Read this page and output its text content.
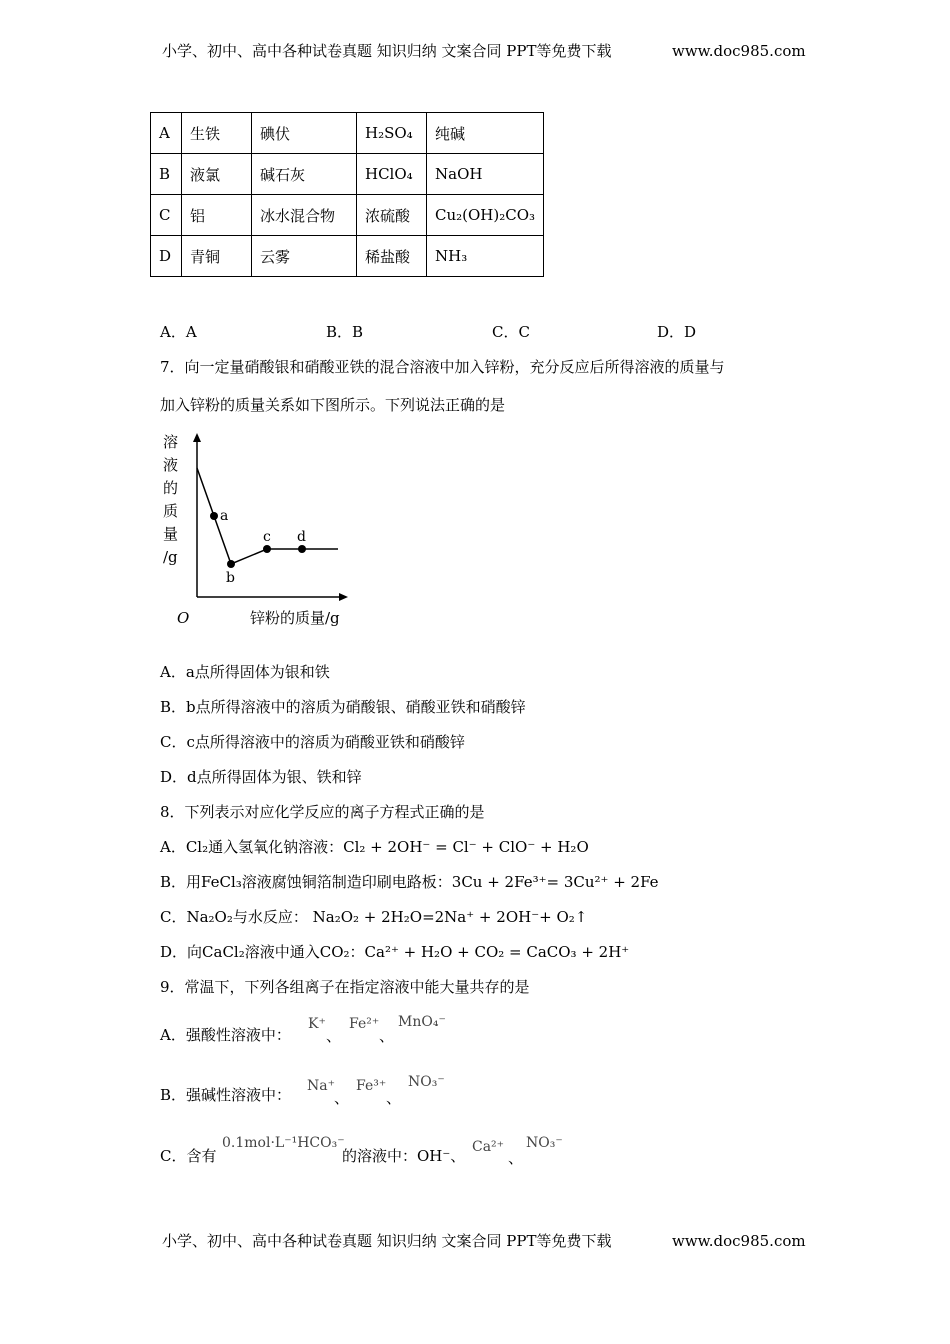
小学、初中、高中各种试卷真题 知识归纳 文案合同 PPT等免费下载	www.doc985.com
A	生铁	碘伏	H₂SO₄	纯碱
B	液氯	碱石灰	HClO₄	NaOH
C	铝	冰水混合物	浓硫酸	Cu₂(OH)₂CO₃
D	青铜	云雾	稀盐酸	NH₃
A．A	B．B	C．C	D．D
7．向一定量硝酸银和硝酸亚铁的混合溶液中加入锌粉，充分反应后所得溶液的质量与
加入锌粉的质量关系如下图所示。下列说法正确的是
溶
液
的
质
量
/g
O	锌粉的质量/g
a
b
c d
A．a点所得固体为银和铁
B．b点所得溶液中的溶质为硝酸银、硝酸亚铁和硝酸锌
C．c点所得溶液中的溶质为硝酸亚铁和硝酸锌
D．d点所得固体为银、铁和锌
8．下列表示对应化学反应的离子方程式正确的是
A．Cl₂通入氢氧化钠溶液：Cl₂ + 2OH⁻ = Cl⁻ + ClO⁻ + H₂O
B．用FeCl₃溶液腐蚀铜箔制造印刷电路板：3Cu + 2Fe³⁺= 3Cu²⁺ + 2Fe
C．Na₂O₂与水反应： Na₂O₂ + 2H₂O=2Na⁺ + 2OH⁻+ O₂↑
D．向CaCl₂溶液中通入CO₂：Ca²⁺ + H₂O + CO₂ = CaCO₃ + 2H⁺
9．常温下，下列各组离子在指定溶液中能大量共存的是
A．强酸性溶液中：
K⁺
、
Fe²⁺
、
MnO₄⁻
B．强碱性溶液中： Na⁺
、
Fe³⁺
、
NO₃⁻
C．含有
0.1mol·L⁻¹HCO₃⁻
的溶液中：OH⁻、 Ca²⁺
、
NO₃⁻
小学、初中、高中各种试卷真题 知识归纳 文案合同 PPT等免费下载	www.doc985.com
